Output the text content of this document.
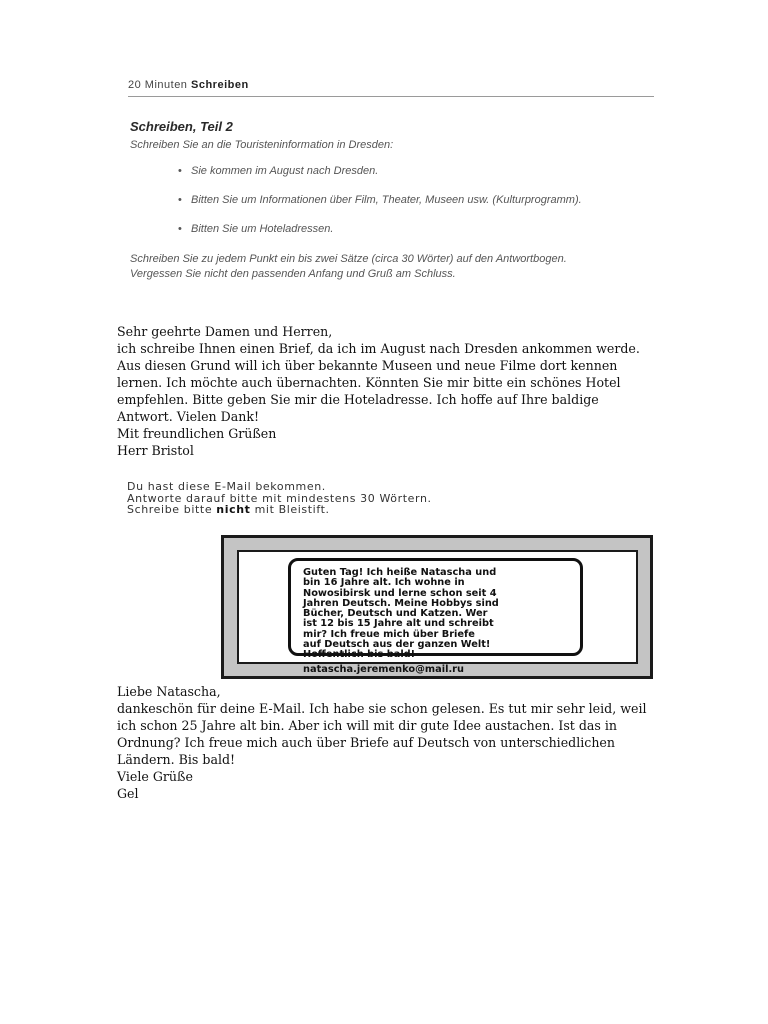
20 Minuten Schreiben

Schreiben, Teil 2

Schreiben Sie an die Touristeninformation in Dresden:

• Sie kommen im August nach Dresden.
• Bitten Sie um Informationen über Film, Theater, Museen usw. (Kulturprogramm).
• Bitten Sie um Hoteladressen.

Schreiben Sie zu jedem Punkt ein bis zwei Sätze (circa 30 Wörter) auf den Antwortbogen.
Vergessen Sie nicht den passenden Anfang und Gruß am Schluss.

Sehr geehrte Damen und Herren,

ich schreibe Ihnen einen Brief, da ich im August nach Dresden ankommen werde. Aus diesen Grund will ich über bekannte Museen und neue Filme dort kennen lernen. Ich möchte auch übernachten. Könnten Sie mir bitte ein schönes Hotel empfehlen. Bitte geben Sie mir die Hoteladresse. Ich hoffe auf Ihre baldige Antwort. Vielen Dank!

Mit freundlichen Grüßen

Herr Bristol

Du hast diese E-Mail bekommen.

Antworte darauf bitte mit mindestens 30 Wörtern.

Schreibe bitte nicht mit Bleistift.

Guten Tag! Ich heiße Natascha und

bin 16 Jahre alt. Ich wohne in

Nowosibirsk und lerne schon seit 4

Jahren Deutsch. Meine Hobbys sind

Bücher, Deutsch und Katzen. Wer

ist 12 bis 15 Jahre alt und schreibt

mir? Ich freue mich über Briefe

auf Deutsch aus der ganzen Welt!

Hoffentlich bis bald!

natascha.jeremenko@mail.ru

Liebe Natascha,

dankeschön für deine E-Mail. Ich habe sie schon gelesen. Es tut mir sehr leid, weil ich schon 25 Jahre alt bin. Aber ich will mit dir gute Idee austachen. Ist das in Ordnung? Ich freue mich auch über Briefe auf Deutsch von unterschiedlichen Ländern. Bis bald!

Viele Grüße

Gel
